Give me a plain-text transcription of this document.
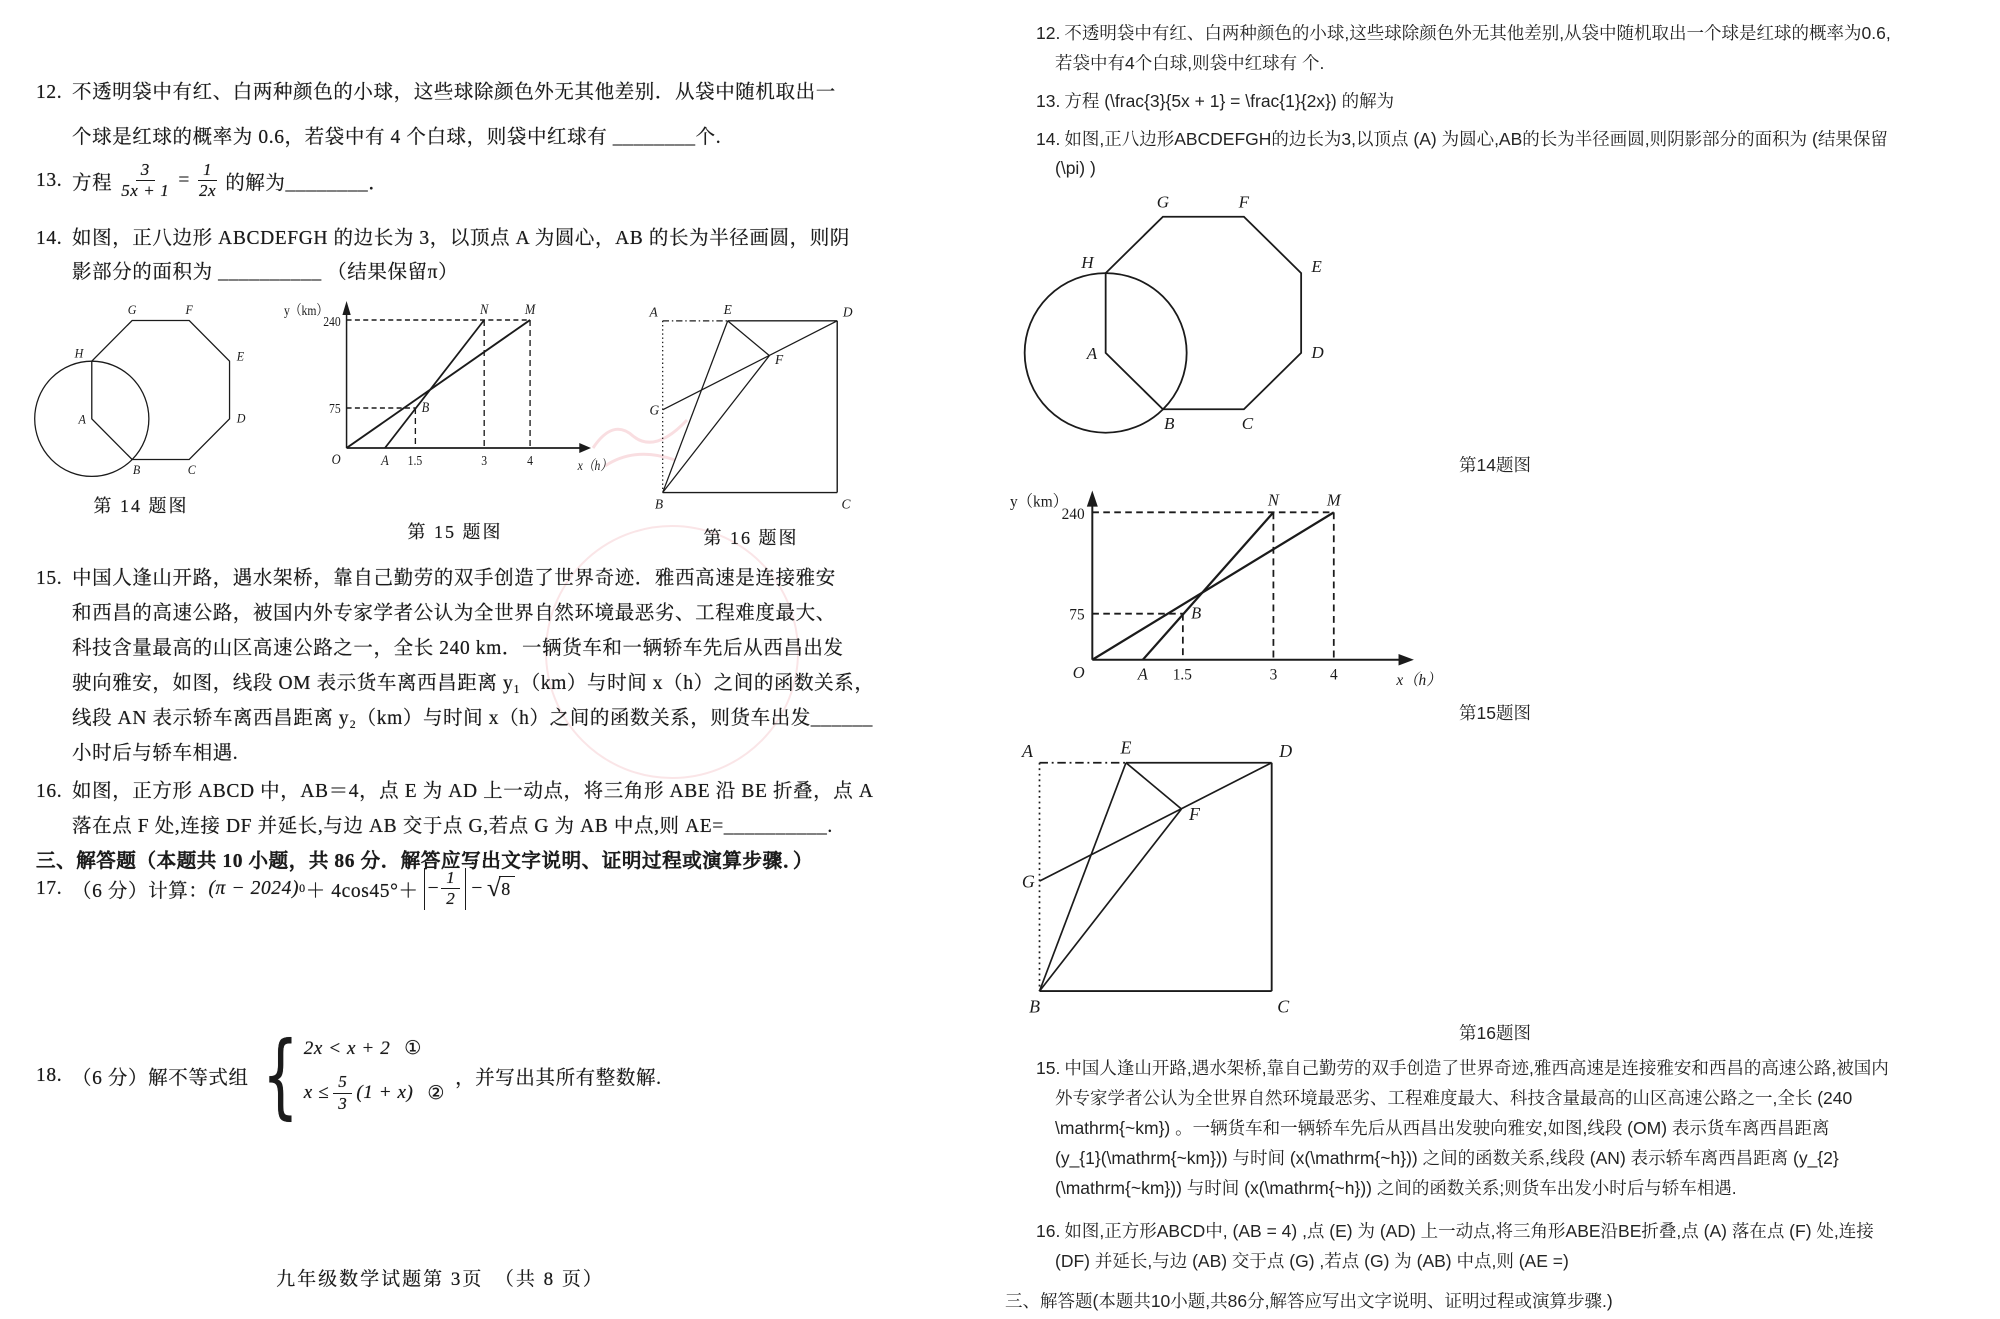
12. 不透明袋中有红、白两种颜色的小球，这些球除颜色外无其他差别．从袋中随机取出一
个球是红球的概率为 0.6，若袋中有 4 个白球，则袋中红球有 ________个.
13. 方程 $\frac{3}{5x + 1} = \frac{1}{2x}$ 的解为________．
14. 如图，正八边形 ABCDEFGH 的边长为 3，以顶点 A 为圆心，AB 的长为半径画圆，则阴
影部分的面积为 __________ （结果保留π）
G	F
H	E
D
A
B C
第 14 题图
y（km）
240
75
O	A 1.5	3	4	x（h）
N M
B
第 15 题图
A	E	D
G
F
B	C
第 16 题图
15. 中国人逢山开路，遇水架桥，靠自己勤劳的双手创造了世界奇迹．雅西高速是连接雅安
和西昌的高速公路，被国内外专家学者公认为全世界自然环境最恶劣、工程难度最大、
科技含量最高的山区高速公路之一，全长 240 km．一辆货车和一辆轿车先后从西昌出发
驶向雅安，如图，线段 OM 表示货车离西昌距离 y₁（km）与时间 x（h）之间的函数关系，
线段 AN 表示轿车离西昌距离 y₂（km）与时间 x（h）之间的函数关系，则货车出发______
小时后与轿车相遇.
16. 如图，正方形 ABCD 中，AB＝4，点 E 为 AD 上一动点，将三角形 ABE 沿 BE 折叠，点 A
落在点 F 处,连接 DF 并延长,与边 AB 交于点 G,若点 G 为 AB 中点,则 AE=__________.
三、解答题（本题共 10 小题，共 86 分．解答应写出文字说明、证明过程或演算步骤．）
17. （6 分）计算： (π − 2024) $0 + 4\cos 45^\circ+ - \frac{1}{2}$ − √ 8
18. （6 分）解不等式组 { 2x < x + 2 ①
$x \le \frac{5}{3} (1 + x)$ ②
，并写出其所有整数解.
九年级数学试题第 3页　（共 8 页）
12. 不透明袋中有红、白两种颜色的小球,这些球除颜色外无其他差别,从袋中随机取出一个球是红球的概率为0.6,
若袋中有4个白球,则袋中红球有 个.
13. 方程 (\frac{3}{5x + 1} = \frac{1}{2x}) 的解为
14. 如图,正八边形ABCDEFGH的边长为3,以顶点 (A) 为圆心,AB的长为半径画圆,则阴影部分的面积为 (结果保留
(\pi) )
G	F
H	E
D
A
B	C
第14题图
y（km）
240
75
O	A 1.5	3	4	x（h）
N	M
B
第15题图
A	E	D
G
F
B	C
第16题图
15. 中国人逢山开路,遇水架桥,靠自己勤劳的双手创造了世界奇迹,雅西高速是连接雅安和西昌的高速公路,被国内
外专家学者公认为全世界自然环境最恶劣、工程难度最大、科技含量最高的山区高速公路之一,全长 (240
\mathrm{~km}) 。一辆货车和一辆轿车先后从西昌出发驶向雅安,如图,线段 (OM) 表示货车离西昌距离
(y_{1}(\mathrm{~km})) 与时间 (x(\mathrm{~h})) 之间的函数关系,线段 (AN) 表示轿车离西昌距离 (y_{2}
(\mathrm{~km})) 与时间 (x(\mathrm{~h})) 之间的函数关系;则货车出发小时后与轿车相遇.
16. 如图,正方形ABCD中, (AB = 4) ,点 (E) 为 (AD) 上一动点,将三角形ABE沿BE折叠,点 (A) 落在点 (F) 处,连接
(DF) 并延长,与边 (AB) 交于点 (G) ,若点 (G) 为 (AB) 中点,则 (AE =)
三、解答题(本题共10小题,共86分,解答应写出文字说明、证明过程或演算步骤.)
